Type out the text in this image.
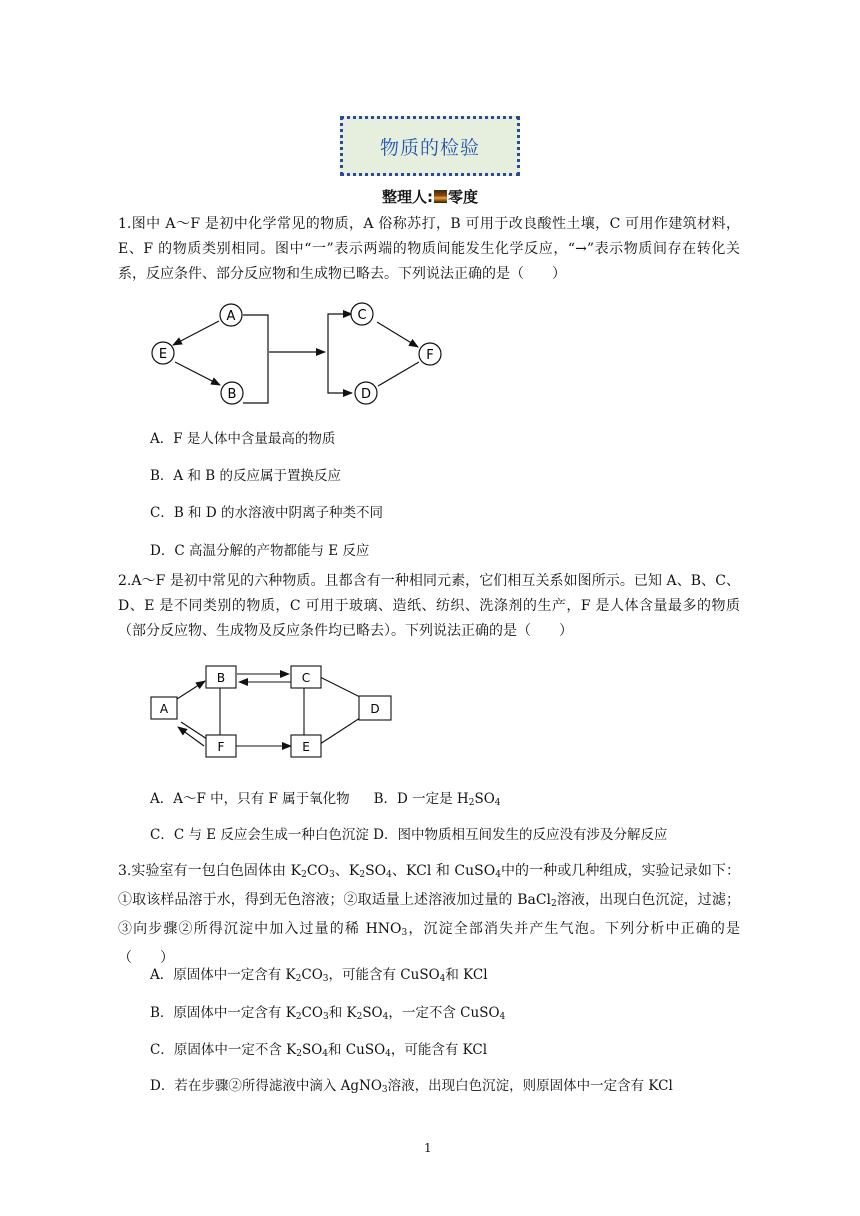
物质的检验
整理人: 零度
1.图中 A～F 是初中化学常见的物质，A 俗称苏打，B 可用于改良酸性土壤，C 可用作建筑材料，E、F 的物质类别相同。图中“一”表示两端的物质间能发生化学反应，“→”表示物质间存在转化关系，反应条件、部分反应物和生成物已略去。下列说法正确的是（　　）
A
B
C
D
E	F
A．F 是人体中含量最高的物质
B．A 和 B 的反应属于置换反应
C．B 和 D 的水溶液中阴离子种类不同
D．C 高温分解的产物都能与 E 反应
2.A～F 是初中常见的六种物质。且都含有一种相同元素，它们相互关系如图所示。已知 A、B、C、D、E 是不同类别的物质，C 可用于玻璃、造纸、纺织、洗涤剂的生产，F 是人体含量最多的物质（部分反应物、生成物及反应条件均已略去）。下列说法正确的是（　　）
A
B	C
D
E
F
A．A～F 中，只有 F 属于氧化物 B．D 一定是 $H_2SO_4$
C．C 与 E 反应会生成一种白色沉淀 D．图中物质相互间发生的反应没有涉及分解反应
3.实验室有一包白色固体由 $K_2CO_3$、$K_2SO_4$、KCl 和 CuSO$_4$中的一种或几种组成，实验记录如下：①取该样品溶于水，得到无色溶液；②取适量上述溶液加过量的 BaCl$_2$溶液，出现白色沉淀，过滤；③向步骤②所得沉淀中加入过量的稀 $HNO_3$，沉淀全部消失并产生气泡。下列分析中正确的是（　　）
A．原固体中一定含有 $K_2CO_3$，可能含有 CuSO$_4$和 KCl
B．原固体中一定含有 $K_2CO_3$和 $K_2SO_4$，一定不含 CuSO$_4$
C．原固体中一定不含 $K_2SO_4$和 CuSO$_4$，可能含有 KCl
D．若在步骤②所得滤液中滴入 AgNO$_3$溶液，出现白色沉淀，则原固体中一定含有 KCl
1
